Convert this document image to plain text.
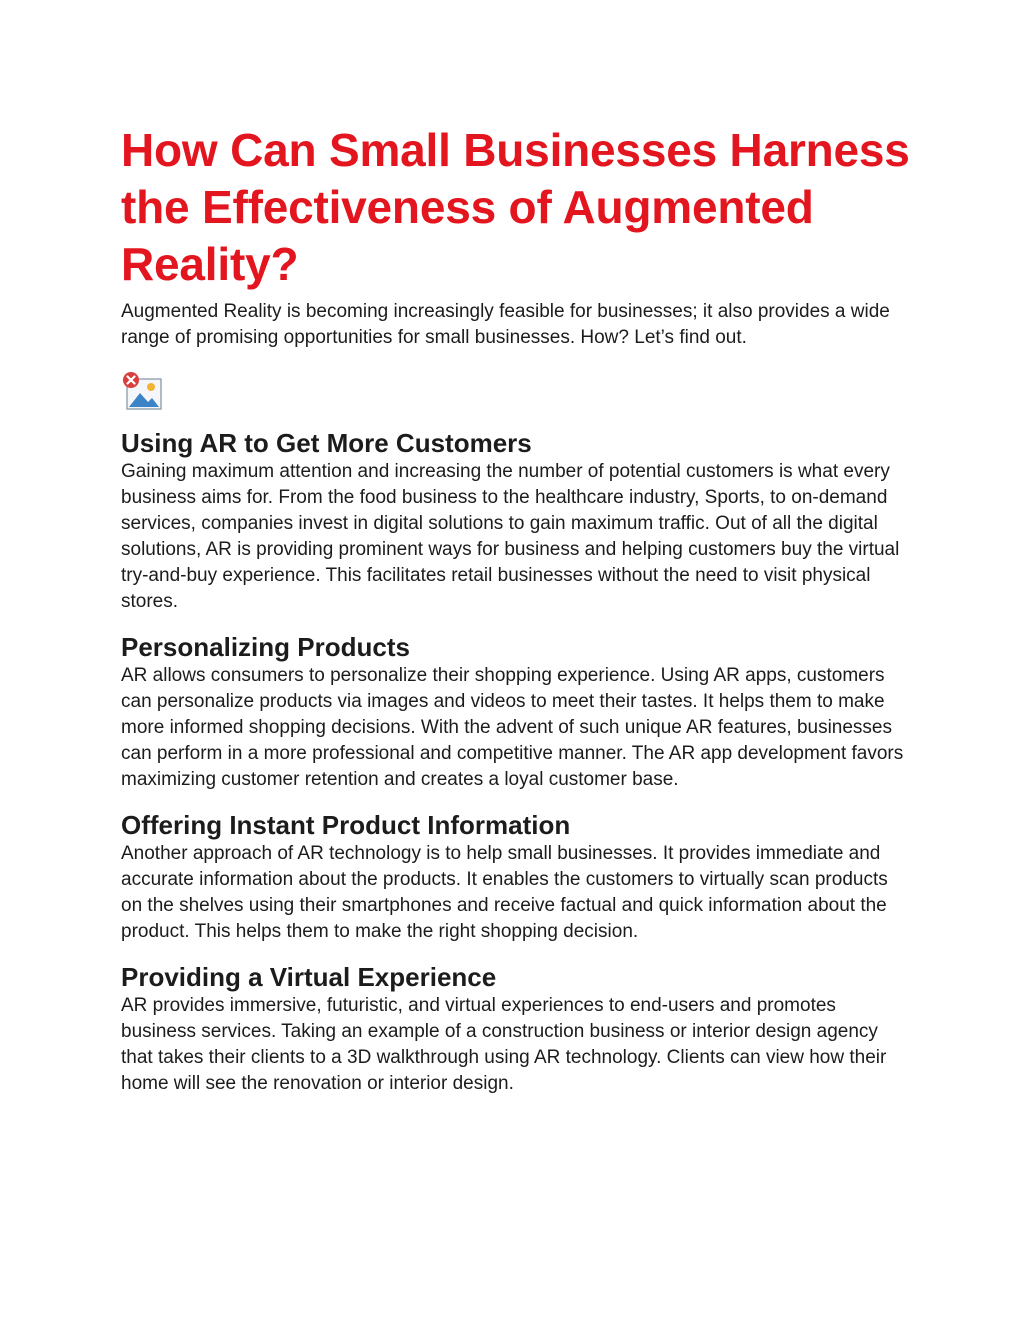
How Can Small Businesses Harness the Effectiveness of Augmented Reality?

Augmented Reality is becoming increasingly feasible for businesses; it also provides a wide range of promising opportunities for small businesses. How? Let’s find out.

Using AR to Get More Customers

Gaining maximum attention and increasing the number of potential customers is what every business aims for. From the food business to the healthcare industry, Sports, to on-demand services, companies invest in digital solutions to gain maximum traffic. Out of all the digital solutions, AR is providing prominent ways for business and helping customers buy the virtual try-and-buy experience. This facilitates retail businesses without the need to visit physical stores.

Personalizing Products

AR allows consumers to personalize their shopping experience. Using AR apps, customers can personalize products via images and videos to meet their tastes. It helps them to make more informed shopping decisions. With the advent of such unique AR features, businesses can perform in a more professional and competitive manner. The AR app development favors maximizing customer retention and creates a loyal customer base.

Offering Instant Product Information

Another approach of AR technology is to help small businesses. It provides immediate and accurate information about the products. It enables the customers to virtually scan products on the shelves using their smartphones and receive factual and quick information about the product. This helps them to make the right shopping decision.

Providing a Virtual Experience

AR provides immersive, futuristic, and virtual experiences to end-users and promotes business services. Taking an example of a construction business or interior design agency that takes their clients to a 3D walkthrough using AR technology. Clients can view how their home will see the renovation or interior design.
